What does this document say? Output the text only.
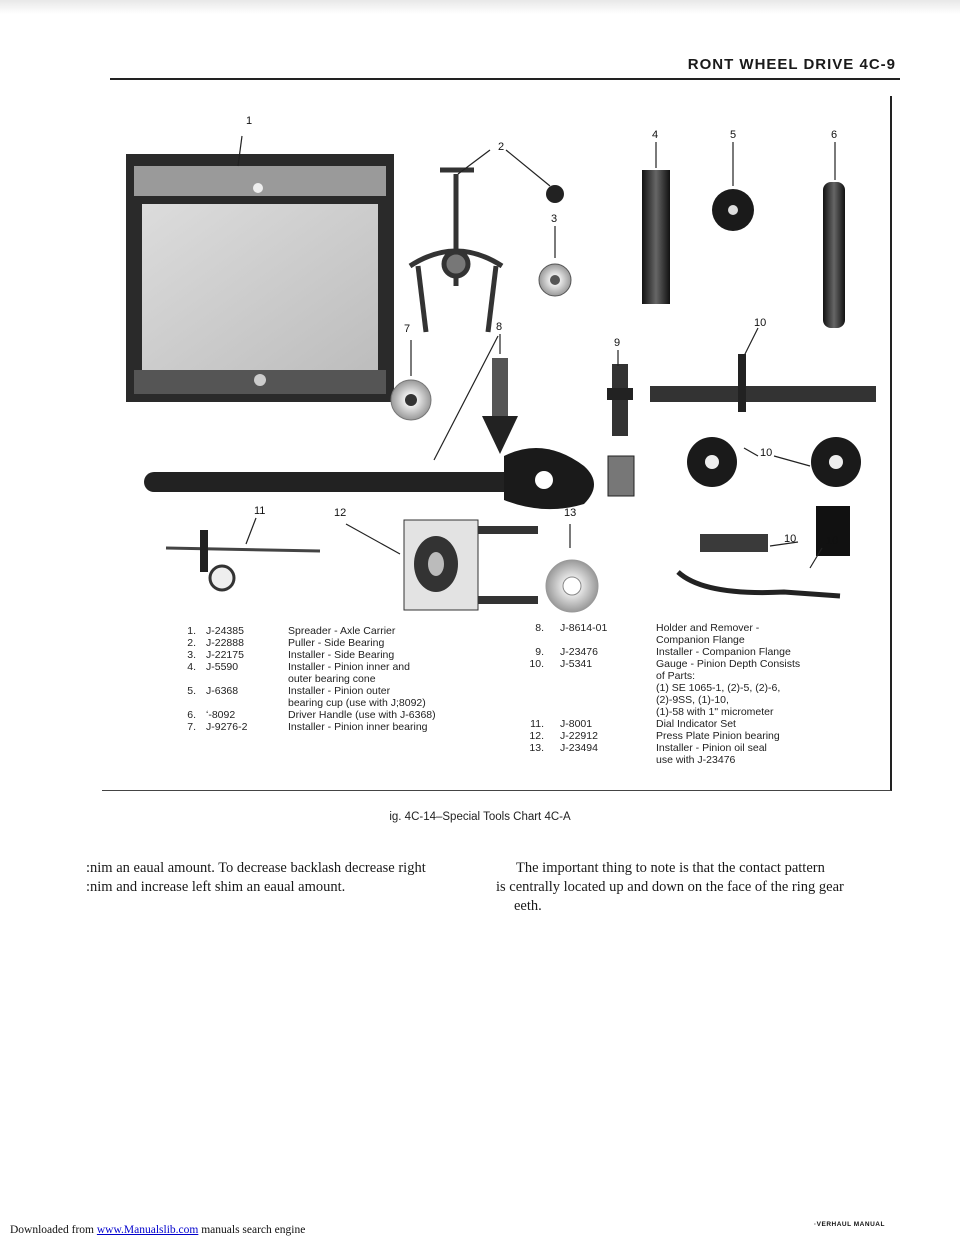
RONT WHEEL DRIVE 4C-9
1
2
3
4	5	6
7	8
9
10
10
10	10
11	12	13
1. J-24385	Spreader - Axle Carrier
2. J-22888	Puller - Side Bearing
3. J-22175	Installer - Side Bearing
4. J-5590	Installer - Pinion inner and
outer bearing cone
5. J-6368	Installer - Pinion outer
bearing cup (use with J;8092)
6. ʻ-8092	Driver Handle (use with J-6368)
7. J-9276-2	Installer - Pinion inner bearing
8. J-8614-01	Holder and Remover -
Companion Flange
9. J-23476	Installer - Companion Flange
10. J-5341	Gauge - Pinion Depth Consists
of Parts:
(1) SE 1065-1, (2)-5, (2)-6,
(2)-9SS, (1)-10,
(1)-58 with 1" micrometer
11. J-8001	Dial Indicator Set
12. J-22912	Press Plate Pinion bearing
13. J-23494	Installer - Pinion oil seal
use with J-23476
ig. 4C-14–Special Tools Chart 4C-A
:nim an eaual amount. To decrease backlash decrease right
:nim and increase left shim an eaual amount.
The important thing to note is that the contact pattern
is centrally located up and down on the face of the ring gear
eeth.
Downloaded from www.Manualslib.com manuals search engine	·VERHAUL MANUAL
